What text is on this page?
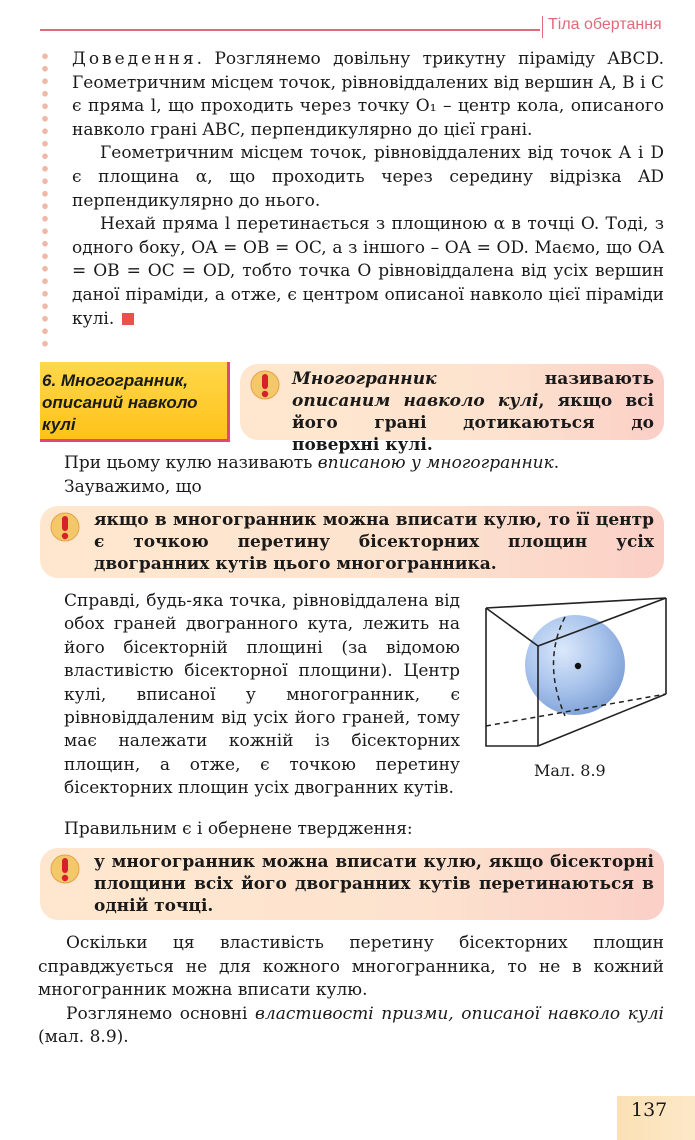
Тіла обертання

Доведення. Розглянемо довільну трикутну піраміду ABCD. Геометричним місцем точок, рівновіддалених від вершин A, B і C є пряма l, що проходить через точку O₁ – центр кола, описаного навколо грані ABC, перпендикулярно до цієї грані.

Геометричним місцем точок, рівновіддалених від точок A і D є площина α, що проходить через середину відрізка AD перпендикулярно до нього.

Нехай пряма l перетинається з площиною α в точці O. Тоді, з одного боку, OA = OB = OC, а з іншого – OA = OD. Маємо, що OA = OB = OC = OD, тобто точка O рівновіддалена від усіх вершин даної піраміди, а отже, є центром описаної навколо цієї піраміди кулі.

6. Многогранник, описаний навколо кулі
Многогранник називають описаним навколо кулі, якщо всі його грані дотикаються до поверхні кулі.

При цьому кулю називають вписаною у многогранник.

Зауважимо, що

якщо в многогранник можна вписати кулю, то її центр є точкою перетину бісекторних площин усіх двогранних кутів цього многогранника.

Справді, будь-яка точка, рівновіддалена від обох граней двогранного кута, лежить на його бісекторній площині (за відомою властивістю бісекторної площини). Центр кулі, вписаної у многогранник, є рівновіддаленим від усіх його граней, тому має належати кожній із бісекторних площин, а отже, є точкою перетину бісекторних площин усіх двогранних кутів.

Мал. 8.9
Правильним є і обернене твердження:
у многогранник можна вписати кулю, якщо бісекторні площини всіх його двогранних кутів перетинаються в одній точці.

Оскільки ця властивість перетину бісекторних площин справджується не для кожного многогранника, то не в кожний многогранник можна вписати кулю.

Розглянемо основні властивості призми, описаної навколо кулі (мал. 8.9).

137
